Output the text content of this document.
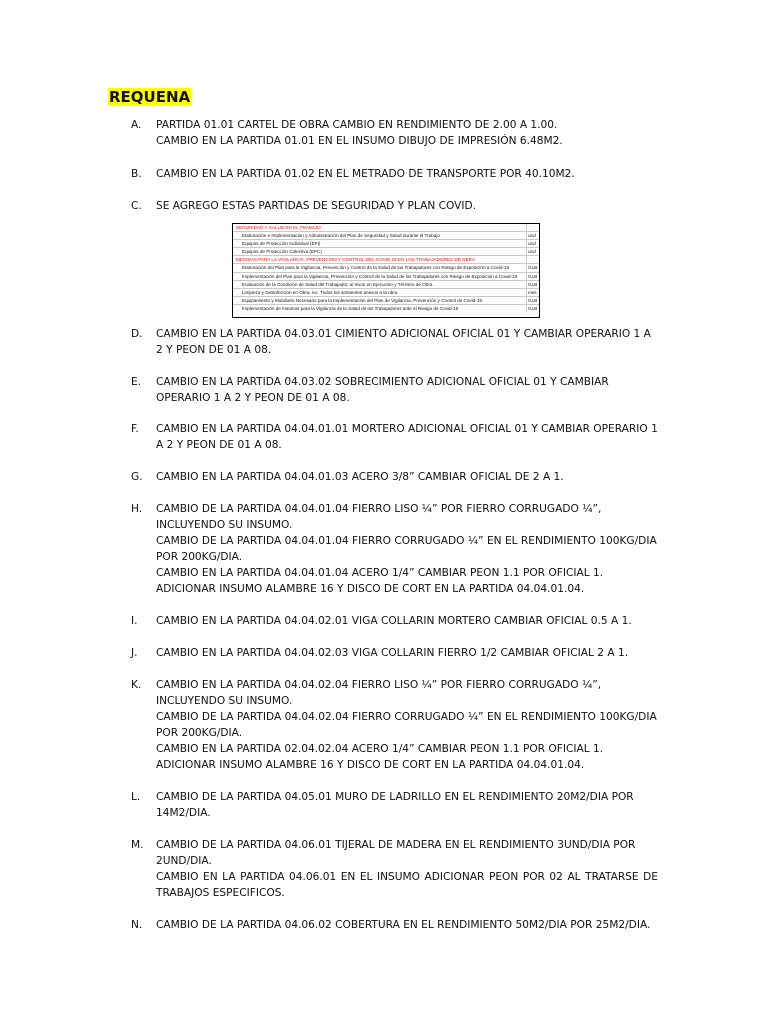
REQUENA
A. PARTIDA 01.01 CARTEL DE OBRA CAMBIO EN RENDIMIENTO DE 2.00 A 1.00.

CAMBIO EN LA PARTIDA 01.01 EN EL INSUMO DIBUJO DE IMPRESIÓN 6.48M2.

B. CAMBIO EN LA PARTIDA 01.02 EN EL METRADO DE TRANSPORTE POR 40.10M2.

C. SE AGREGO ESTAS PARTIDAS DE SEGURIDAD Y PLAN COVID.

D. CAMBIO EN LA PARTIDA 04.03.01 CIMIENTO ADICIONAL OFICIAL 01 Y CAMBIAR OPERARIO 1 A 2 Y PEON DE 01 A 08.

E. CAMBIO EN LA PARTIDA 04.03.02 SOBRECIMIENTO ADICIONAL OFICIAL 01 Y CAMBIAR OPERARIO 1 A 2 Y PEON DE 01 A 08.

F. CAMBIO EN LA PARTIDA 04.04.01.01 MORTERO ADICIONAL OFICIAL 01 Y CAMBIAR OPERARIO 1 A 2 Y PEON DE 01 A 08.

G. CAMBIO EN LA PARTIDA 04.04.01.03 ACERO 3/8” CAMBIAR OFICIAL DE 2 A 1.

H. CAMBIO DE LA PARTIDA 04.04.01.04 FIERRO LISO ¼” POR FIERRO CORRUGADO ¼”, INCLUYENDO SU INSUMO.

CAMBIO DE LA PARTIDA 04.04.01.04 FIERRO CORRUGADO ¼” EN EL RENDIMIENTO 100KG/DIA POR 200KG/DIA.

CAMBIO EN LA PARTIDA 04.04.01.04 ACERO 1/4” CAMBIAR PEON 1.1 POR OFICIAL 1.

ADICIONAR INSUMO ALAMBRE 16 Y DISCO DE CORT EN LA PARTIDA 04.04.01.04.

I. CAMBIO EN LA PARTIDA 04.04.02.01 VIGA COLLARIN MORTERO CAMBIAR OFICIAL 0.5 A 1.

J. CAMBIO EN LA PARTIDA 04.04.02.03 VIGA COLLARIN FIERRO 1/2 CAMBIAR OFICIAL 2 A 1.

K. CAMBIO EN LA PARTIDA 04.04.02.04 FIERRO LISO ¼” POR FIERRO CORRUGADO ¼”, INCLUYENDO SU INSUMO.

CAMBIO DE LA PARTIDA 04.04.02.04 FIERRO CORRUGADO ¼” EN EL RENDIMIENTO 100KG/DIA POR 200KG/DIA.

CAMBIO EN LA PARTIDA 02.04.02.04 ACERO 1/4” CAMBIAR PEON 1.1 POR OFICIAL 1.

ADICIONAR INSUMO ALAMBRE 16 Y DISCO DE CORT EN LA PARTIDA 04.04.01.04.

L. CAMBIO DE LA PARTIDA 04.05.01 MURO DE LADRILLO EN EL RENDIMIENTO 20M2/DIA POR 14M2/DIA.

M. CAMBIO DE LA PARTIDA 04.06.01 TIJERAL DE MADERA EN EL RENDIMIENTO 3UND/DIA POR 2UND/DIA.

CAMBIO EN LA PARTIDA 04.06.01 EN EL INSUMO ADICIONAR PEON POR 02 AL TRATARSE DE TRABAJOS ESPECIFICOS.

N. CAMBIO DE LA PARTIDA 04.06.02 COBERTURA EN EL RENDIMIENTO 50M2/DIA POR 25M2/DIA.

SEGURIDAD Y SALUD EN EL TRABAJO
Elaboración e Implementación y Administración del Plan de Seguridad y Salud durante el Trabajo	und
Equipos de Protección Individual (EPI)	und
Equipos de Protección Colectiva (EPC)	und
MEDIDAS PARA LA VIGILANCIA, PREVENCION Y CONTROL DEL COVID 19 EN LOS TRABAJADORES DE OBRA
Elaboración del Plan para la Vigilancia, Prevención y Control de la Salud de los Trabajadores con Riesgo de Exposición a Covid-19	GLB
Implementación del Plan para la Vigilancia, Prevención y Control de la Salud de los Trabajadores con Riesgo de Exposición a Covid-19	GLB
Evaluación de la Condición de Salud del Trabajador, al Inicio en Ejecución y Término de Obra	GLB
Limpieza y Desinfección en Obra, inc. Todos los ambientes anexos a la obra	mes
Equipamiento y Mobiliario Necesario para la Implementación del Plan de Vigilancia, Prevención y Control de Covid-19	GLB
Implementación de Insumos para la Vigilancia de la Salud de los Trabajadores ante el Riesgo de Covid-19	GLB
